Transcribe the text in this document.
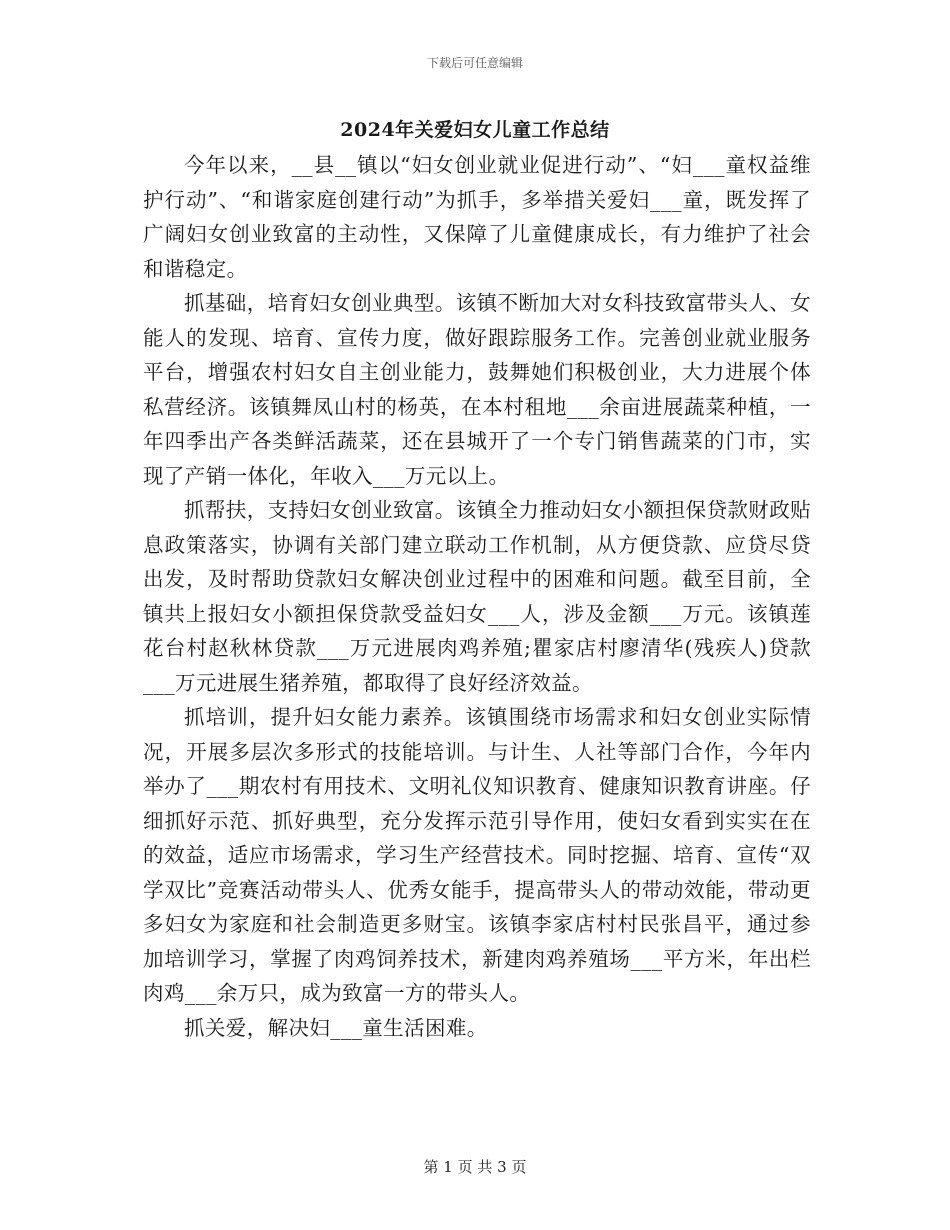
下载后可任意编辑
2024年关爱妇女儿童工作总结

今年以来，__县__镇以“妇女创业就业促进行动”、“妇___童权益维护行动”、“和谐家庭创建行动”为抓手，多举措关爱妇___童，既发挥了广阔妇女创业致富的主动性，又保障了儿童健康成长，有力维护了社会和谐稳定。

抓基础，培育妇女创业典型。该镇不断加大对女科技致富带头人、女能人的发现、培育、宣传力度，做好跟踪服务工作。完善创业就业服务平台，增强农村妇女自主创业能力，鼓舞她们积极创业，大力进展个体私营经济。该镇舞凤山村的杨英，在本村租地___余亩进展蔬菜种植，一年四季出产各类鲜活蔬菜，还在县城开了一个专门销售蔬菜的门市，实现了产销一体化，年收入___万元以上。

抓帮扶，支持妇女创业致富。该镇全力推动妇女小额担保贷款财政贴息政策落实，协调有关部门建立联动工作机制，从方便贷款、应贷尽贷出发，及时帮助贷款妇女解决创业过程中的困难和问题。截至目前，全镇共上报妇女小额担保贷款受益妇女___人，涉及金额___万元。该镇莲花台村赵秋林贷款___万元进展肉鸡养殖;瞿家店村廖清华(残疾人)贷款___万元进展生猪养殖，都取得了良好经济效益。

抓培训，提升妇女能力素养。该镇围绕市场需求和妇女创业实际情况，开展多层次多形式的技能培训。与计生、人社等部门合作，今年内举办了___期农村有用技术、文明礼仪知识教育、健康知识教育讲座。仔细抓好示范、抓好典型，充分发挥示范引导作用，使妇女看到实实在在的效益，适应市场需求，学习生产经营技术。同时挖掘、培育、宣传“双学双比”竞赛活动带头人、优秀女能手，提高带头人的带动效能，带动更多妇女为家庭和社会制造更多财宝。该镇李家店村村民张昌平，通过参加培训学习，掌握了肉鸡饲养技术，新建肉鸡养殖场___平方米，年出栏肉鸡___余万只，成为致富一方的带头人。

抓关爱，解决妇___童生活困难。

第 1 页 共 3 页
